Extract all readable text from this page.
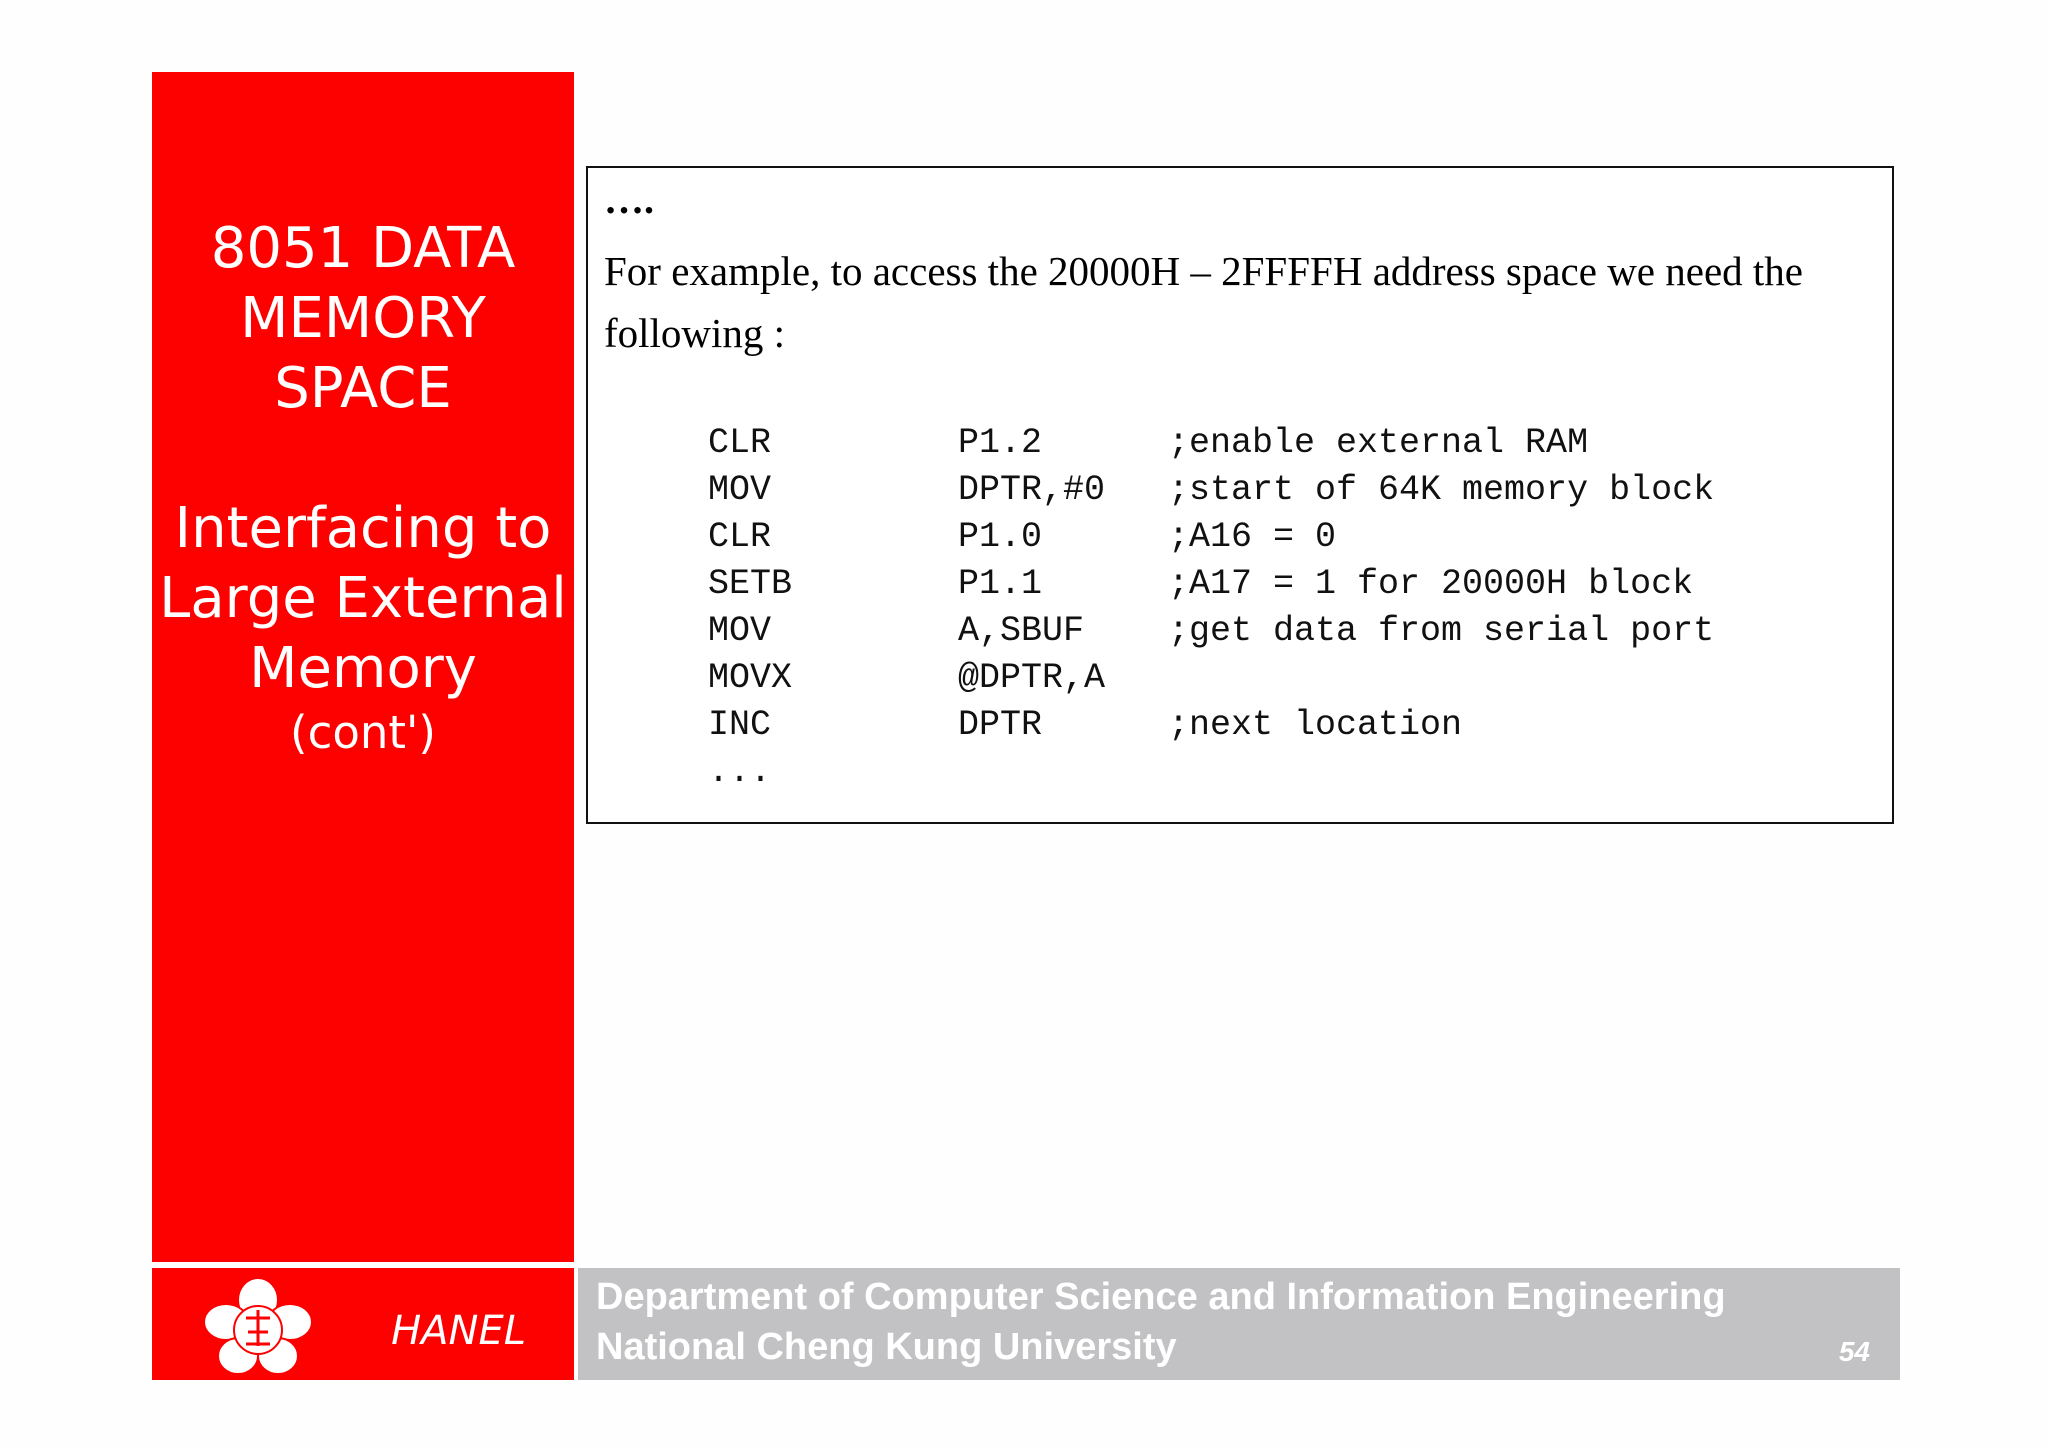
8051 DATA
MEMORY
SPACE
Interfacing to
Large External
Memory
(cont')
….
For example, to access the 20000H – 2FFFFH address space we need the following :
CLR	P1.2	;enable external RAM
MOV	DPTR,#0 ;start of 64K memory block
CLR	P1.0	;A16 = 0
SETB	P1.1	;A17 = 1 for 20000H block
MOV	A,SBUF ;get data from serial port
MOVX	@DPTR,A
INC	DPTR	;next location
...
HANEL
Department of Computer Science and Information Engineering
National Cheng Kung University	54
